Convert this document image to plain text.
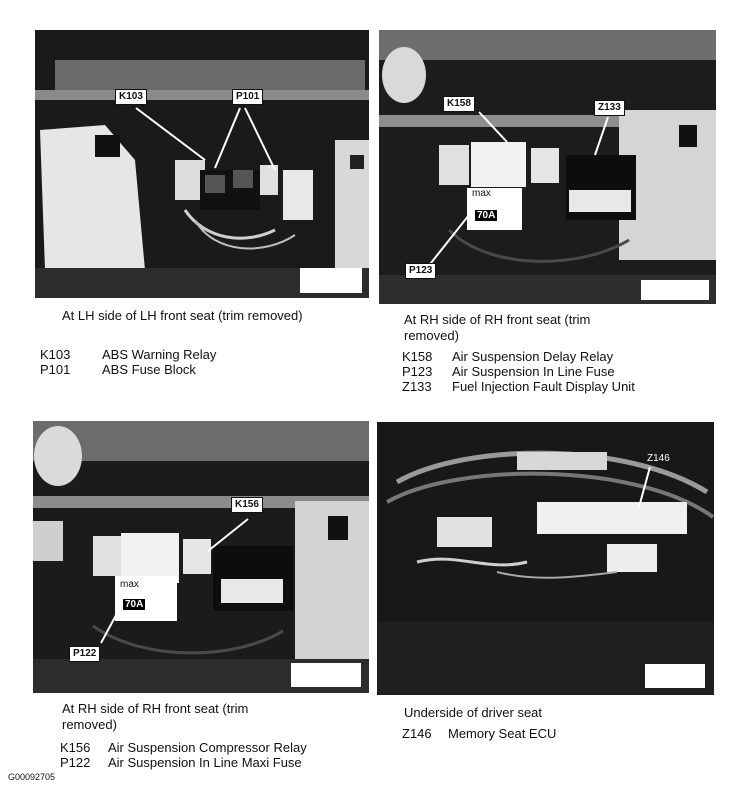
K103	P101
At LH side of LH front seat (trim removed)
K103	ABS Warning Relay
P101	ABS Fuse Block
K158	Z133
P123
max
70A
At RH side of RH front seat (trim removed)
K158	Air Suspension Delay Relay
P123	Air Suspension In Line Fuse
Z133	Fuel Injection Fault Display Unit
K156
P122
max
70A
At RH side of RH front seat (trim removed)
K156	Air Suspension Compressor Relay
P122	Air Suspension In Line Maxi Fuse
Z146
Underside of driver seat
Z146	Memory Seat ECU
G00092705
